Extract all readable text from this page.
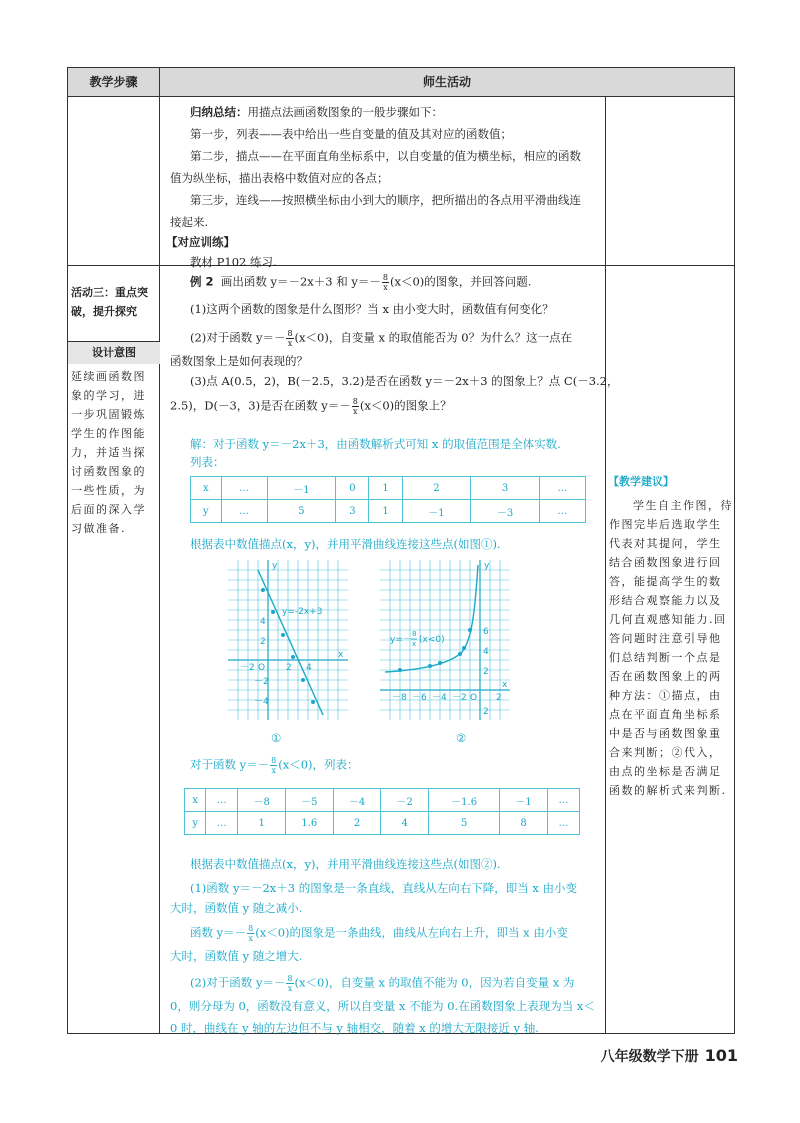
教学步骤	师生活动

归纳总结：用描点法画函数图象的一般步骤如下：

第一步，列表——表中给出一些自变量的值及其对应的函数值；

第二步，描点——在平面直角坐标系中，以自变量的值为横坐标，相应的函数

值为纵坐标，描出表格中数值对应的各点；

第三步，连线——按照横坐标由小到大的顺序，把所描出的各点用平滑曲线连

接起来.

【对应训练】

教材 P102 练习.

活动三：重点突
破，提升探究
设计意图
延续画函数图象的学习，进一步巩固锻炼学生的作图能力，并适当探讨函数图象的一些性质，为后面的深入学习做准备.

例 2 画出函数 y＝－2x＋3 和 $y=- \frac{8}{x} (x<0)$的图象，并回答问题.

(1)这两个函数的图象是什么图形？当 x 由小变大时，函数值有何变化？

(2)对于函数 $y=- \frac{8}{x} (x<0)$，自变量 x 的取值能否为 0？为什么？这一点在

函数图象上是如何表现的？

(3)点 A(0.5，2)，B(－2.5，3.2)是否在函数 y＝－2x＋3 的图象上？点 C(－3.2，

2.5)，D(－3，3)是否在函数 $y=- \frac{8}{x} (x<0)$的图象上？

解：对于函数 y＝－2x＋3，由函数解析式可知 x 的取值范围是全体实数.

列表：

x	…	－1	0	1	2	3	…
y	…	5	3	1	－1	－3	…

根据表中数值描点(x，y)，并用平滑曲线连接这些点(如图①).

x
y
O
－2	2 4
4
2
－2
－4
y=-2x+3
①
x
y
O
－8 －6 －4 －2	2
6
4
2
2
y=－
8
x (x<0)
②

对于函数 $y=- \frac{8}{x} (x<0)$，列表：

x	…	－8	－5	－4	－2	－1.6	－1	…
y	…	1	1.6	2	4	5	8	…

根据表中数值描点(x，y)，并用平滑曲线连接这些点(如图②).

(1)函数 y＝－2x＋3 的图象是一条直线，直线从左向右下降，即当 x 由小变

大时，函数值 y 随之减小.

函数 $y=- \frac{8}{x} (x<0)$的图象是一条曲线，曲线从左向右上升，即当 x 由小变

大时，函数值 y 随之增大.

(2)对于函数 $y=- \frac{8}{x} (x<0)$，自变量 x 的取值不能为 0，因为若自变量 x 为

0，则分母为 0，函数没有意义，所以自变量 x 不能为 0.在函数图象上表现为当 x＜

0 时，曲线在 y 轴的左边但不与 y 轴相交，随着 x 的增大无限接近 y 轴.

【教学建议】
学生自主作图，待作图完毕后选取学生代表对其提问，学生结合函数图象进行回答，能提高学生的数形结合观察能力以及几何直观感知能力.回答问题时注意引导他们总结判断一个点是否在函数图象上的两种方法：①描点，由点在平面直角坐标系中是否与函数图象重合来判断；②代入，由点的坐标是否满足函数的解析式来判断.
八年级数学下册 101
